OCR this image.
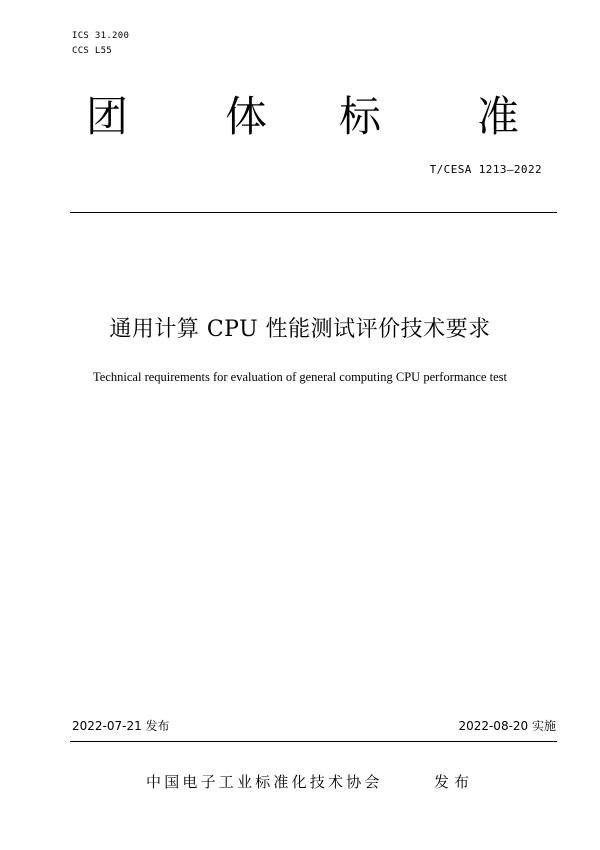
ICS 31.200
CCS L55
团 体 标 准
T/CESA 1213—2022
通用计算 CPU 性能测试评价技术要求
Technical requirements for evaluation of general computing CPU performance test
2022-07-21 发布	2022-08-20 实施
中国电子工业标准化技术协会	发布
